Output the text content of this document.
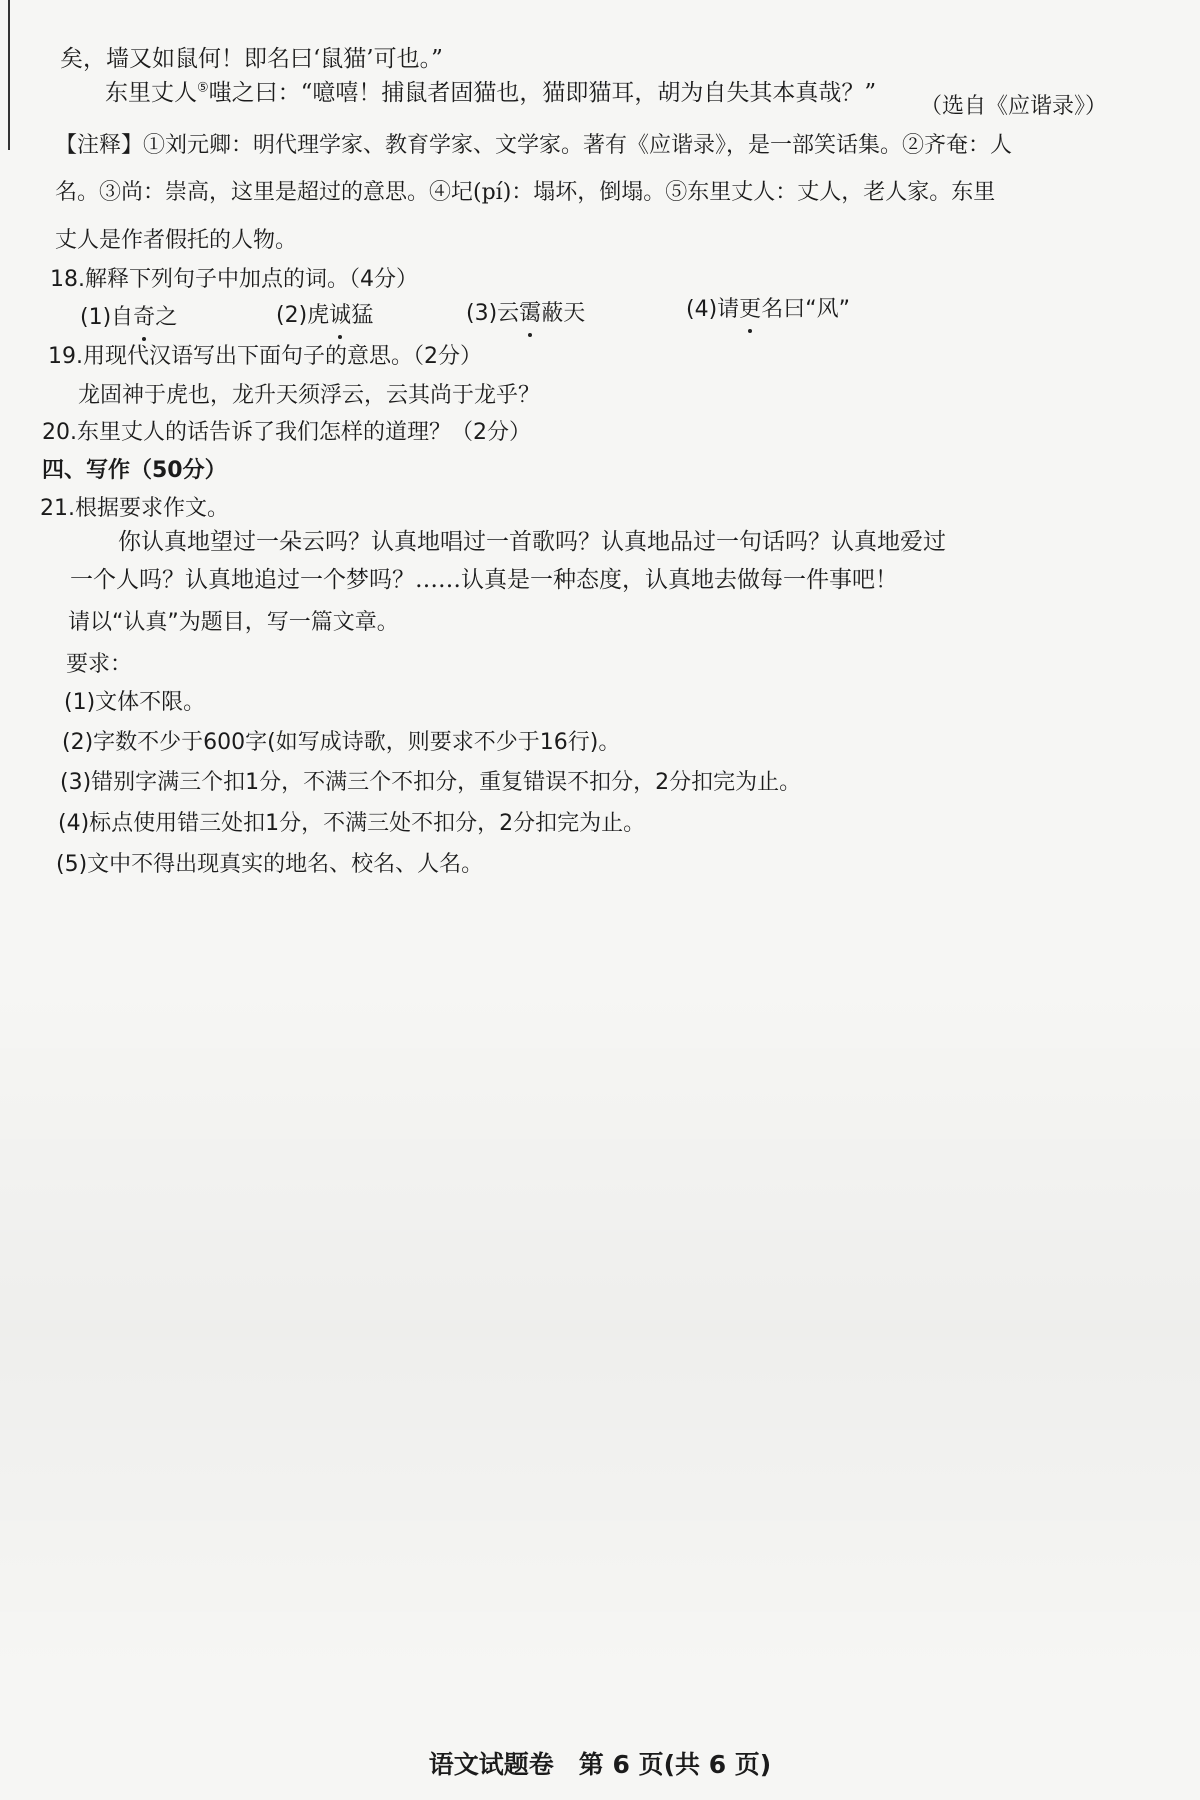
矣，墙又如鼠何！即名曰‘鼠猫’可也。”
东里丈人⑤嗤之曰：“噫嘻！捕鼠者固猫也，猫即猫耳，胡为自失其本真哉？”
（选自《应谐录》）
【注释】①刘元卿：明代理学家、教育学家、文学家。著有《应谐录》，是一部笑话集。②齐奄：人
名。③尚：崇高，这里是超过的意思。④圮(pí)：塌坏，倒塌。⑤东里丈人：丈人，老人家。东里
丈人是作者假托的人物。
18.解释下列句子中加点的词。（4分）
(1)自奇之	(2)虎诚猛	(3)云霭蔽天	(4)请更名曰“风”
19.用现代汉语写出下面句子的意思。（2分）
龙固神于虎也，龙升天须浮云，云其尚于龙乎？
20.东里丈人的话告诉了我们怎样的道理？（2分）
四、写作（50分）
21.根据要求作文。
你认真地望过一朵云吗？认真地唱过一首歌吗？认真地品过一句话吗？认真地爱过
一个人吗？认真地追过一个梦吗？……认真是一种态度，认真地去做每一件事吧！
请以“认真”为题目，写一篇文章。
要求：
(1)文体不限。
(2)字数不少于600字(如写成诗歌，则要求不少于16行)。
(3)错别字满三个扣1分，不满三个不扣分，重复错误不扣分，2分扣完为止。
(4)标点使用错三处扣1分，不满三处不扣分，2分扣完为止。
(5)文中不得出现真实的地名、校名、人名。
语文试题卷　第 6 页(共 6 页)
